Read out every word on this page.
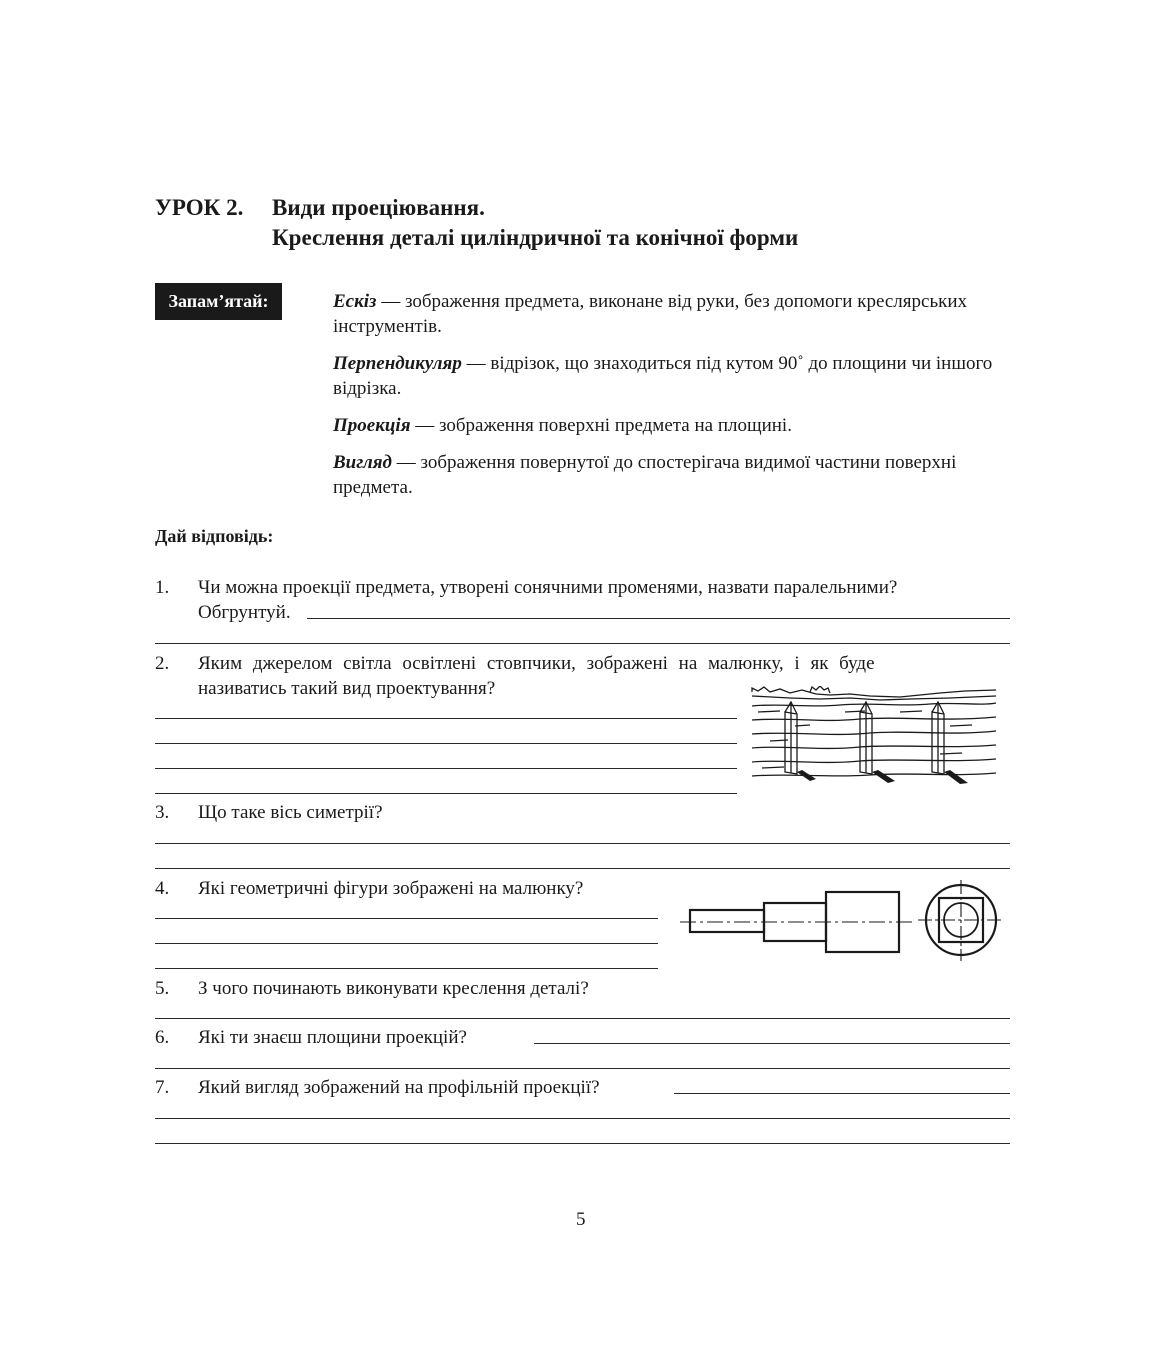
УРОК 2. Види проеціювання.
Креслення деталі циліндричної та конічної форми
Запам’ятай:	Ескіз — зображення предмета, виконане від руки, без допомоги креслярських інструментів.
Перпендикуляр — відрізок, що знаходиться під кутом 90˚ до площини чи іншого відрізка.
Проекція — зображення поверхні предмета на площині.
Вигляд — зображення повернутої до спостерігача видимої частини поверхні предмета.
Дай відповідь:
1. Чи можна проекції предмета, утворені сонячними променями, назвати паралельними?
Обгрунтуй.
2. Яким джерелом світла освітлені стовпчики, зображені на малюнку, і як буде
називатись такий вид проектування?
3. Що таке вісь симетрії?
4. Які геометричні фігури зображені на малюнку?
5. З чого починають виконувати креслення деталі?
6. Які ти знаєш площини проекцій?
7. Який вигляд зображений на профільній проекції?
5
